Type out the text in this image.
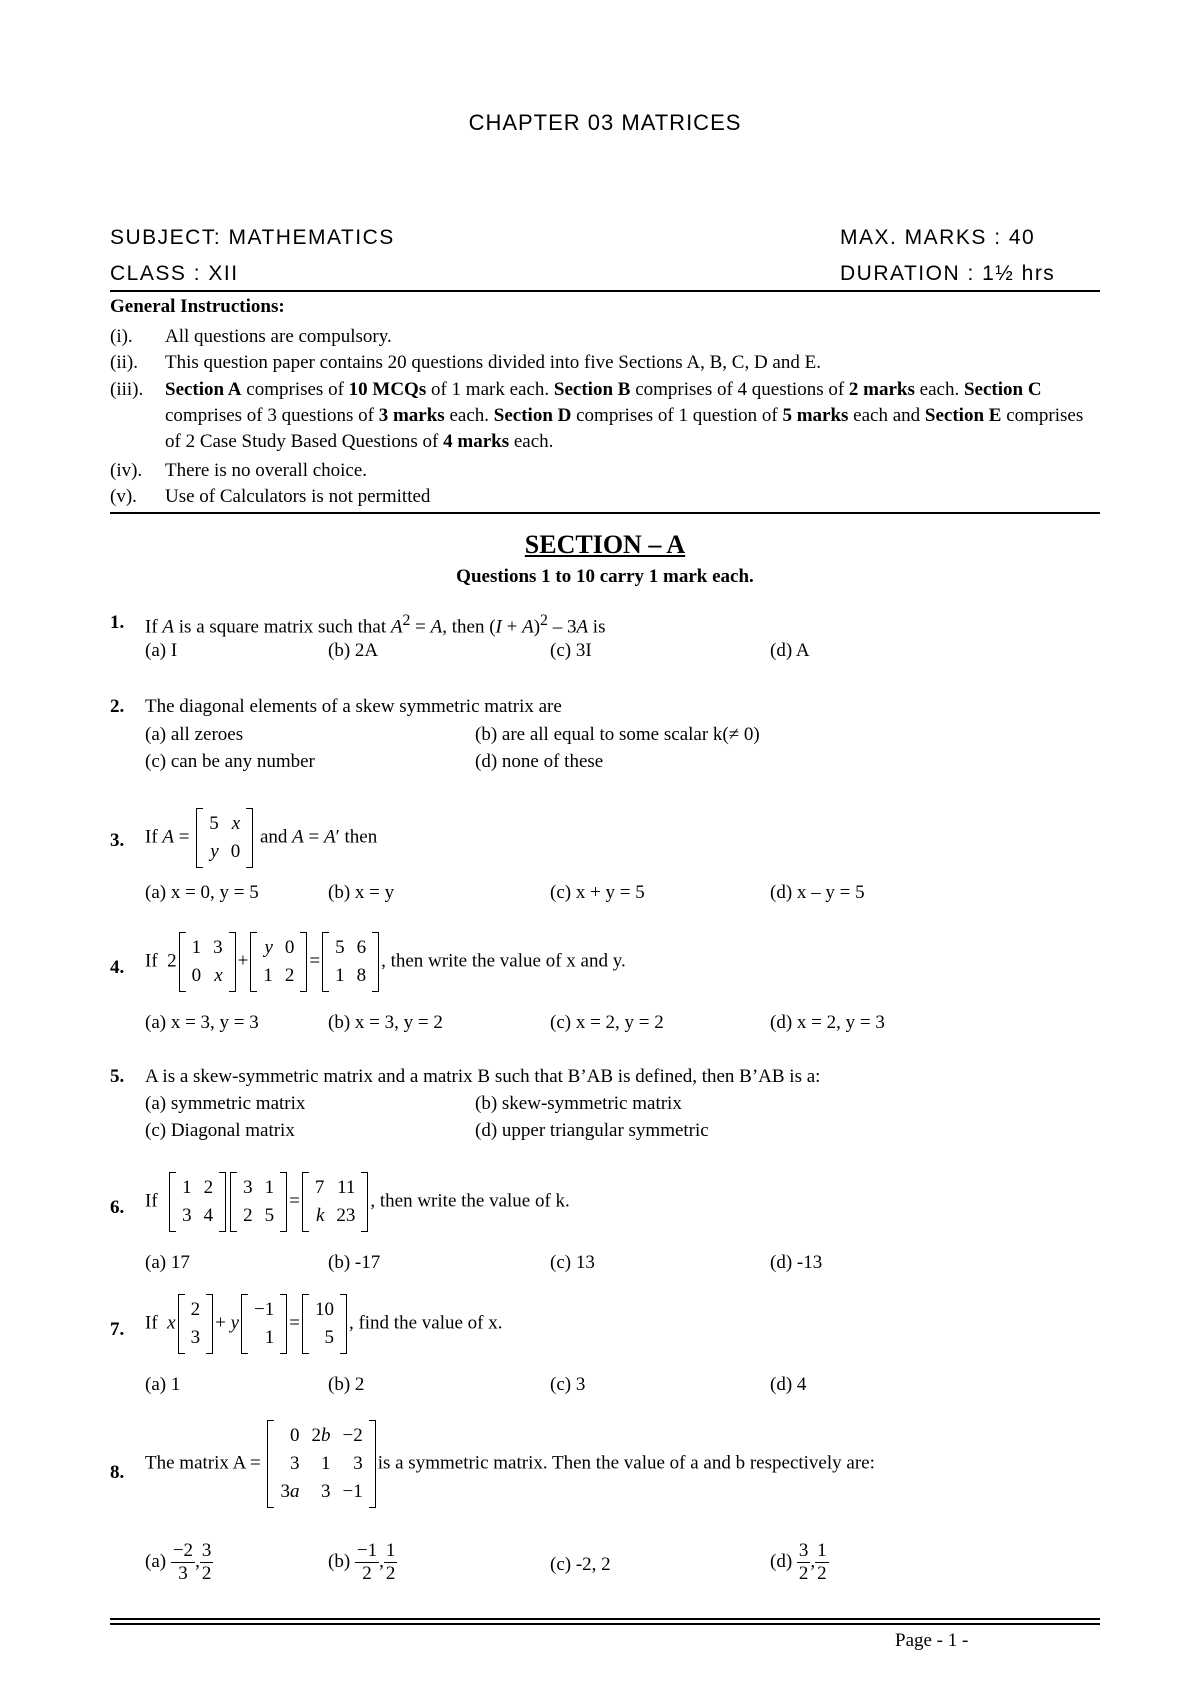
CHAPTER 03 MATRICES
SUBJECT: MATHEMATICS	MAX. MARKS : 40
CLASS : XII	DURATION : 1½ hrs
General Instructions:
(i). All questions are compulsory.
(ii). This question paper contains 20 questions divided into five Sections A, B, C, D and E.
(iii). Section A comprises of 10 MCQs of 1 mark each. Section B comprises of 4 questions of 2 marks each. Section C comprises of 3 questions of 3 marks each. Section D comprises of 1 question of 5 marks each and Section E comprises of 2 Case Study Based Questions of 4 marks each.
(iv). There is no overall choice.
(v). Use of Calculators is not permitted
SECTION – A
Questions 1 to 10 carry 1 mark each.
1. If A is a square matrix such that $A^2 = A$, then $(I + A)^2 - 3A$ is
(a) I	(b) 2A	(c) 3I	(d) A
2. The diagonal elements of a skew symmetric matrix are
(a) all zeroes	(b) are all equal to some scalar k(≠ 0)
(c) can be any number	(d) none of these
3. If A =
5	x
y	0
and A = A′ then
(a) x = 0, y = 5	(b) x = y	(c) x + y = 5	(d) x – y = 5
4. If  2
1	3
0	x
+
y	0
1	2
=
5	6
1	8
, then write the value of x and y.
(a) x = 3, y = 3	(b) x = 3, y = 2	(c) x = 2, y = 2	(d) x = 2, y = 3
5. A is a skew-symmetric matrix and a matrix B such that B’AB is defined, then B’AB is a:
(a) symmetric matrix	(b) skew-symmetric matrix
(c) Diagonal matrix	(d) upper triangular symmetric
6. If
1	2
3	4
3	1
2	5
=
7	11
k	23
, then write the value of k.
(a) 17	(b) -17	(c) 13	(d) -13
7. If  x
2
3
+ y
−1
1
=
10
5
, find the value of x.
(a) 1	(b) 2	(c) 3	(d) 4
8. The matrix A =
0	2b	−2
3	1	3
3a	3	−1
is a symmetric matrix. Then the value of a and b respectively are:
$(a) \frac{-2}{3}$ , $\frac{3}{2}$	$(b) \frac{-1}{2}$ , $\frac{1}{2}$	(c) -2, 2	$(d) \frac{3}{2}$ , $\frac{1}{2}$
Page - 1 -
